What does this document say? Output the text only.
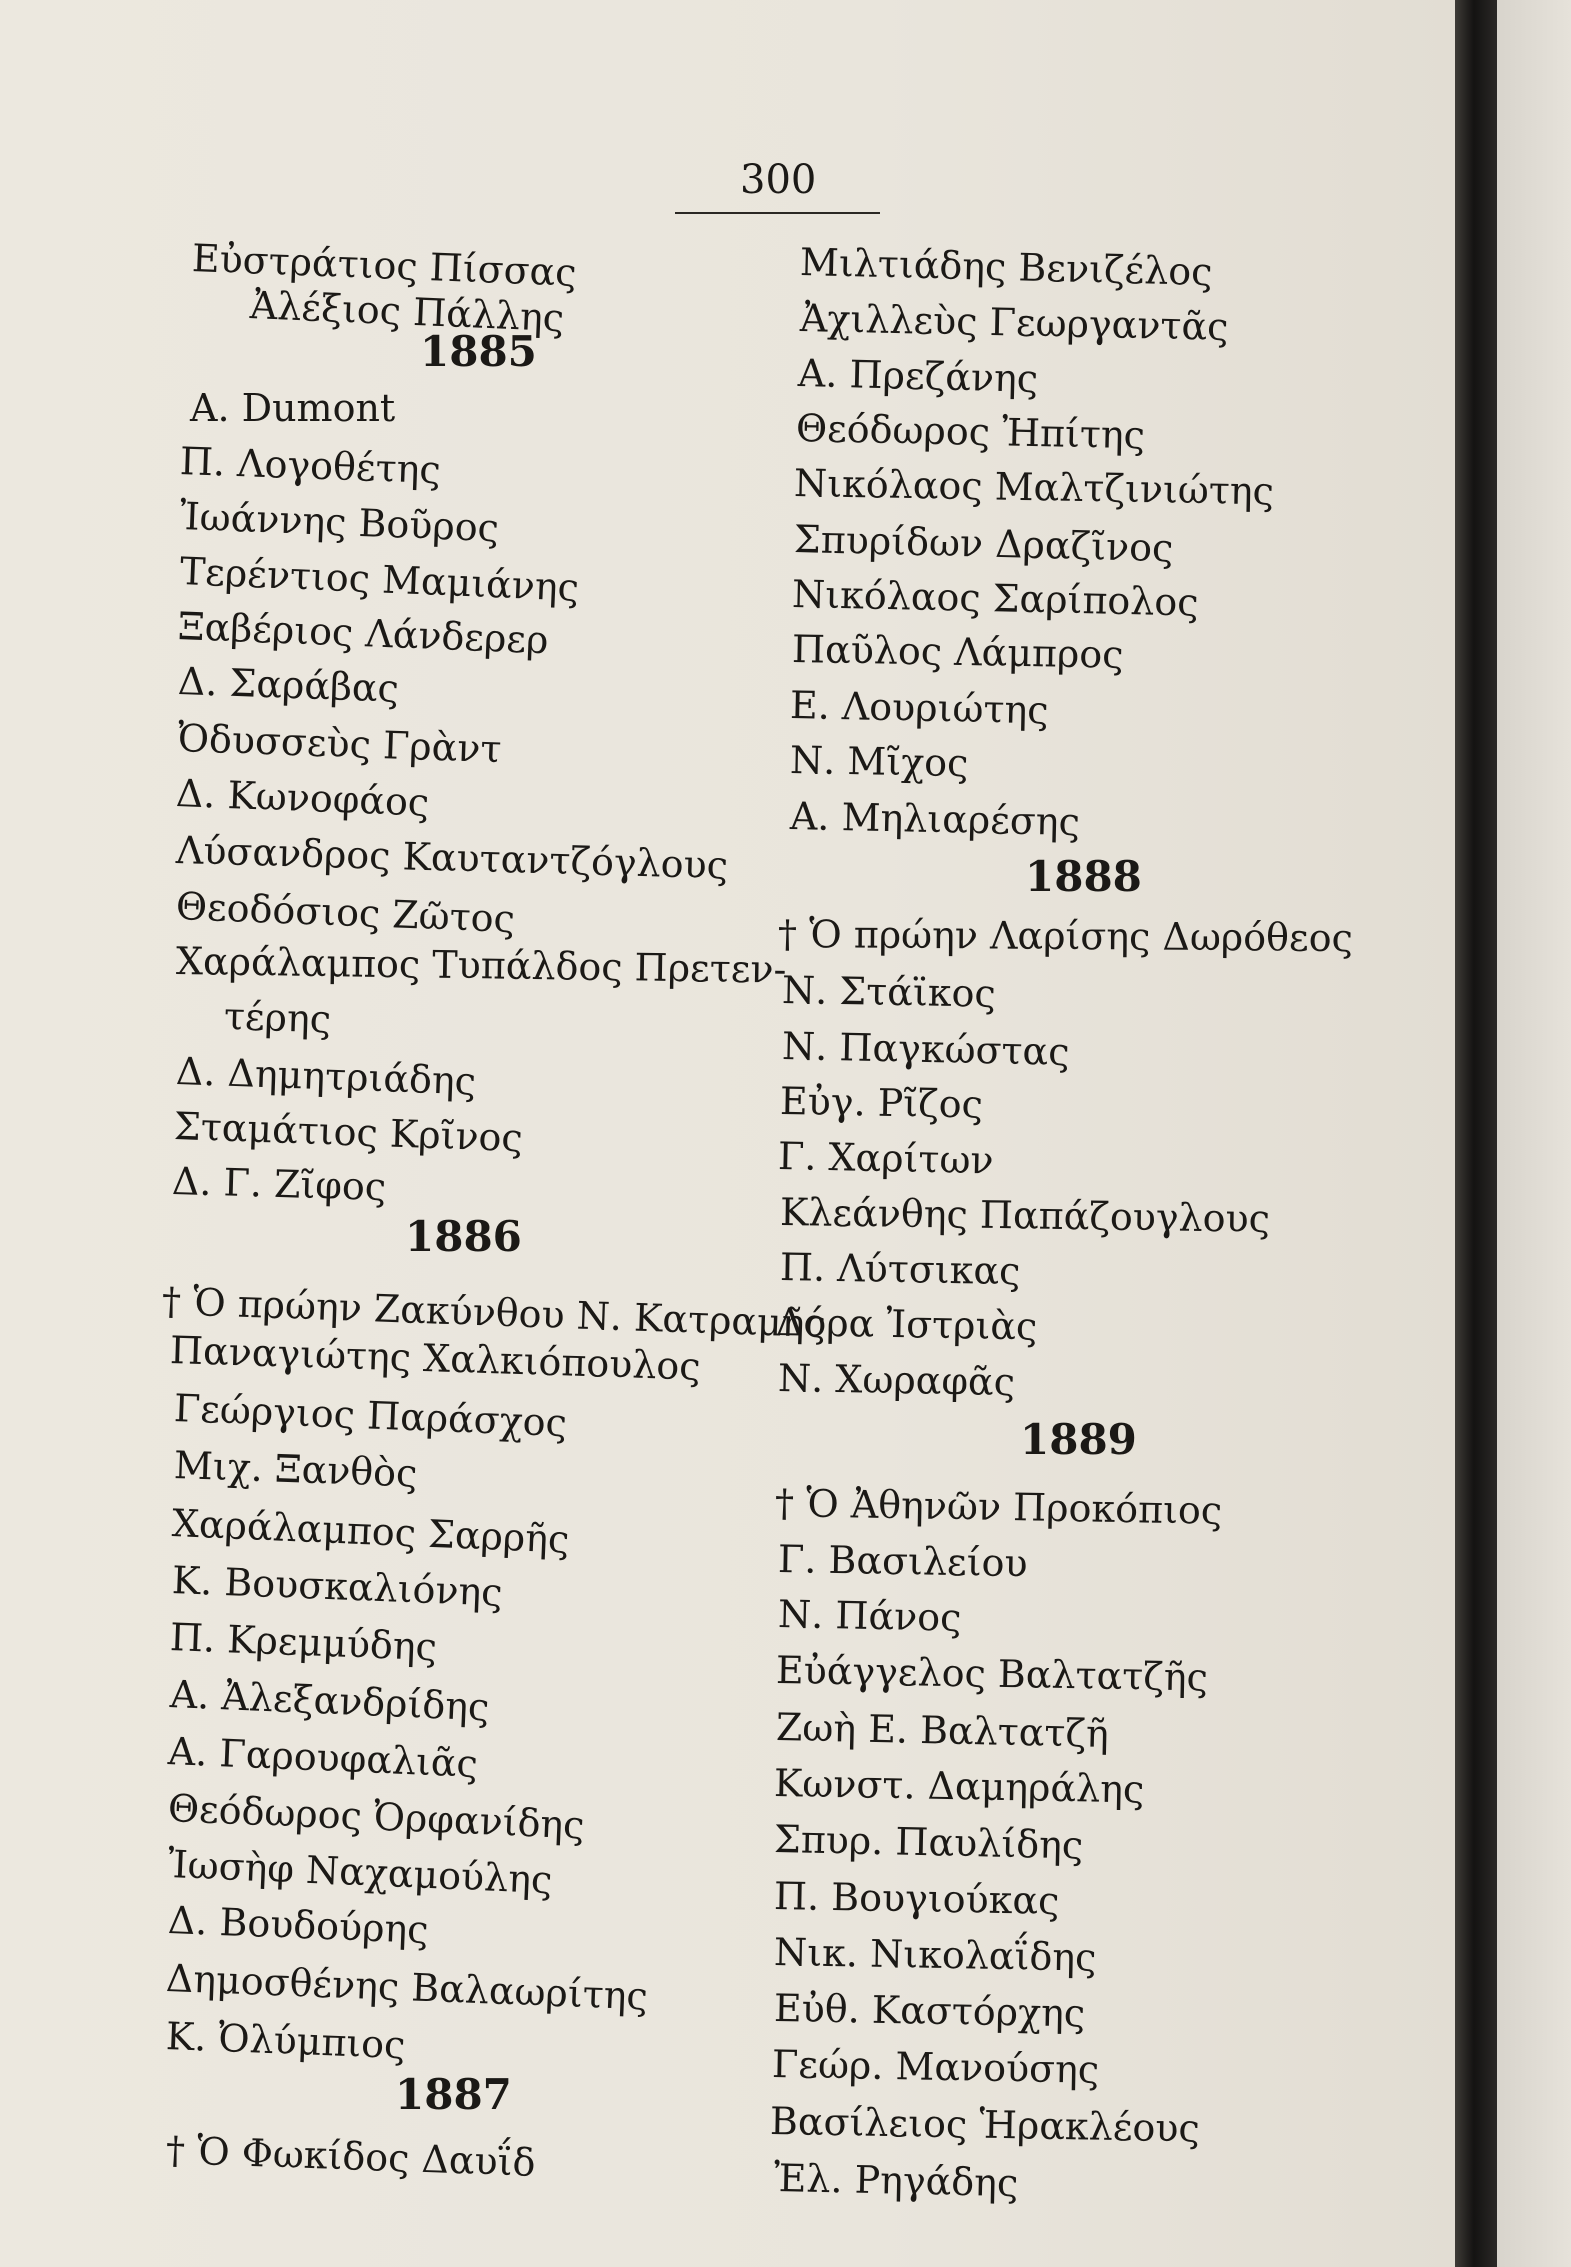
300
Εὐστράτιος Πίσσας
Ἀλέξιος Πάλλης
1885
Α. Dumont
Π. Λογοθέτης
Ἰωάννης Βοῦρος
Τερέντιος Μαμιάνης
Ξαβέριος Λάνδερερ
Δ. Σαράβας
Ὀδυσσεὺς Γρὰντ
Δ. Κωνοφάος
Λύσανδρος Καυταντζόγλους
Θεοδόσιος Ζῶτος
Χαράλαμπος Τυπάλδος Πρετεν-
τέρης
Δ. Δημητριάδης
Σταμάτιος Κρῖνος
Δ. Γ. Ζῖφος
1886
† Ὁ πρώην Ζακύνθου Ν. Κατραμῆς
Παναγιώτης Χαλκιόπουλος
Γεώργιος Παράσχος
Μιχ. Ξανθὸς
Χαράλαμπος Σαρρῆς
Κ. Βουσκαλιόνης
Π. Κρεμμύδης
Α. Ἀλεξανδρίδης
Α. Γαρουφαλιᾶς
Θεόδωρος Ὀρφανίδης
Ἰωσὴφ Ναχαμούλης
Δ. Βουδούρης
Δημοσθένης Βαλαωρίτης
Κ. Ὀλύμπιος
1887
† Ὁ Φωκίδος Δαυΐδ
Μιλτιάδης Βενιζέλος
Ἀχιλλεὺς Γεωργαντᾶς
Α. Πρεζάνης
Θεόδωρος Ἠπίτης
Νικόλαος Μαλτζινιώτης
Σπυρίδων Δραζῖνος
Νικόλαος Σαρίπολος
Παῦλος Λάμπρος
Ε. Λουριώτης
Ν. Μῖχος
Α. Μηλιαρέσης
1888
† Ὁ πρώην Λαρίσης Δωρόθεος
Ν. Στάϊκος
Ν. Παγκώστας
Εὐγ. Ρῖζος
Γ. Χαρίτων
Κλεάνθης Παπάζουγλους
Π. Λύτσικας
Δόρα Ἰστριὰς
Ν. Χωραφᾶς
1889
† Ὁ Ἀθηνῶν Προκόπιος
Γ. Βασιλείου
Ν. Πάνος
Εὐάγγελος Βαλτατζῆς
Ζωὴ Ε. Βαλτατζῆ
Κωνστ. Δαμηράλης
Σπυρ. Παυλίδης
Π. Βουγιούκας
Νικ. Νικολαΐδης
Εὐθ. Καστόρχης
Γεώρ. Μανούσης
Βασίλειος Ἡρακλέους
Ἐλ. Ρηγάδης
